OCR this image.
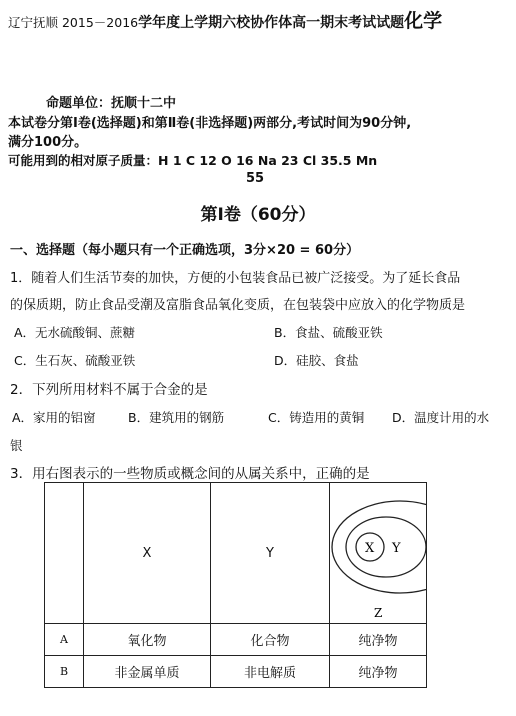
辽宁抚顺 2015－2016 学年度上学期六校协作体高一期末考试试题 化学
命题单位：抚顺十二中
本试卷分第Ⅰ卷(选择题)和第Ⅱ卷(非选择题)两部分,考试时间为90分钟,
满分100分。
可能用到的相对原子质量：H 1 C 12 O 16 Na 23 Cl 35.5 Mn
55
第Ⅰ卷（60分）
一、选择题（每小题只有一个正确选项，3分×20 = 60分）
1．随着人们生活节奏的加快，方便的小包装食品已被广泛接受。为了延长食品
的保质期，防止食品受潮及富脂食品氧化变质，在包装袋中应放入的化学物质是
A．无水硫酸铜、蔗糖	B．食盐、硫酸亚铁
C．生石灰、硫酸亚铁	D．硅胶、食盐
2．下列所用材料不属于合金的是
A．家用的铝窗	B．建筑用的钢筋	C．铸造用的黄铜 D．温度计用的水
银
3．用右图表示的一些物质或概念间的从属关系中，正确的是
	X	Y	X Y
Z

A	氧化物	化合物	纯净物
B	非金属单质	非电解质	纯净物
